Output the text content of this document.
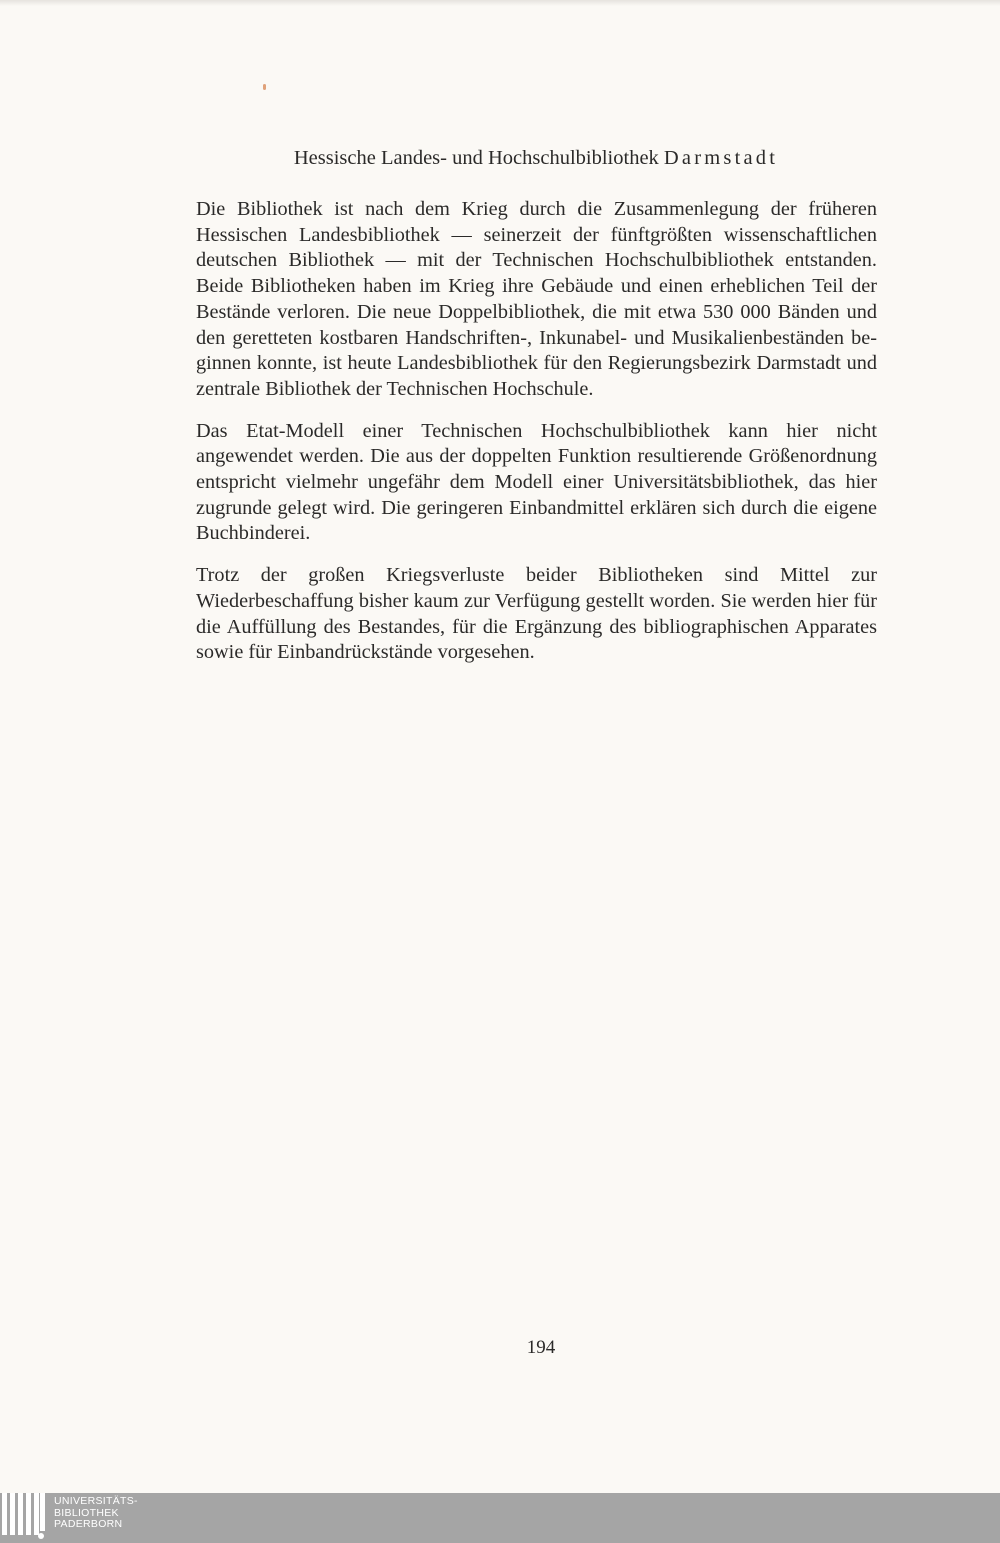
Hessische Landes- und Hochschulbibliothek Darmstadt

Die Bibliothek ist nach dem Krieg durch die Zusammenlegung der früheren Hessischen Landesbibliothek — seinerzeit der fünftgrößten wissenschaftlichen deutschen Bibliothek — mit der Technischen Hochschulbibliothek entstanden. Beide Bibliotheken haben im Krieg ihre Gebäude und einen erheblichen Teil der Bestände verloren. Die neue Doppelbibliothek, die mit etwa 530 000 Bänden und den geretteten kostbaren Handschriften-, Inkunabel- und Musikalienbeständen beginnen konnte, ist heute Landesbibliothek für den Regierungsbezirk Darmstadt und zentrale Bibliothek der Technischen Hochschule.

Das Etat-Modell einer Technischen Hochschulbibliothek kann hier nicht angewendet werden. Die aus der doppelten Funktion resultierende Größenordnung entspricht vielmehr ungefähr dem Modell einer Universitätsbibliothek, das hier zugrunde gelegt wird. Die geringeren Einbandmittel erklären sich durch die eigene Buchbinderei.

Trotz der großen Kriegsverluste beider Bibliotheken sind Mittel zur Wiederbeschaffung bisher kaum zur Verfügung gestellt worden. Sie werden hier für die Auffüllung des Bestandes, für die Ergänzung des bibliographischen Apparates sowie für Einbandrückstände vorgesehen.

194
UNIVERSITÄTS-
BIBLIOTHEK
PADERBORN
